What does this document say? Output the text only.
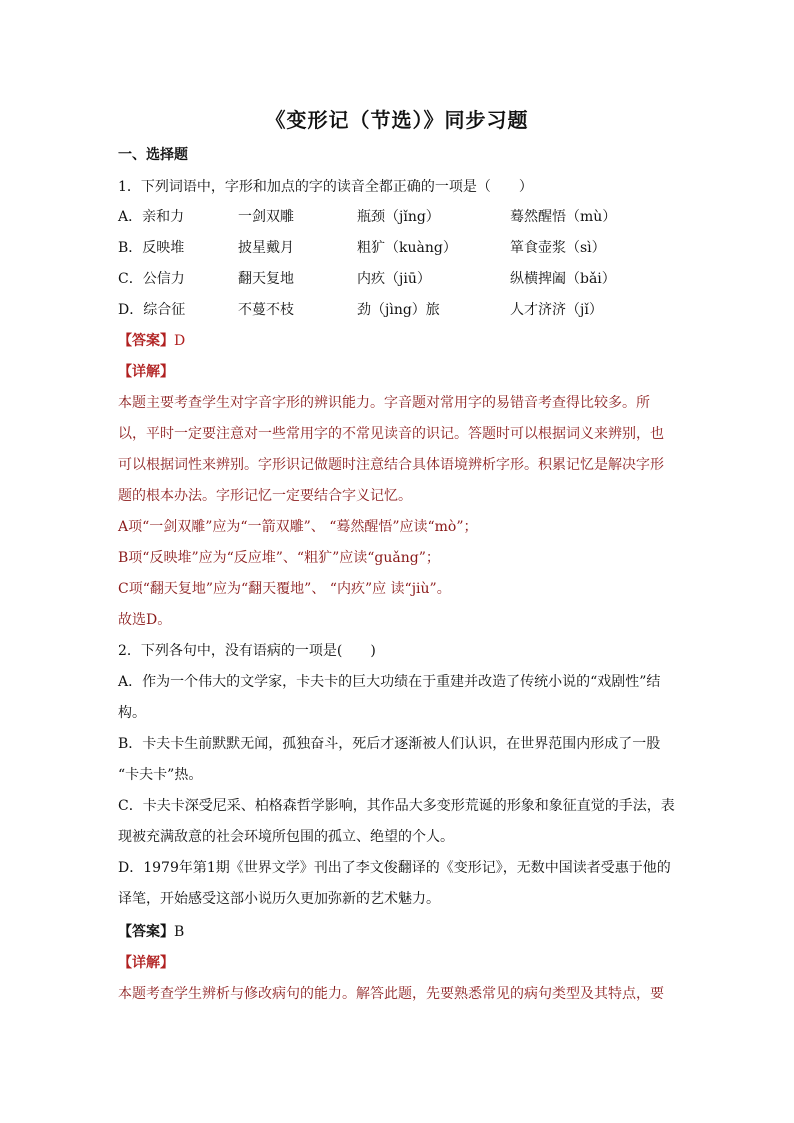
《变形记（节选）》同步习题
一、选择题
1．下列词语中，字形和加点的字的读音全都正确的一项是（　　）
A．亲和力	一剑双雕	瓶颈（jǐng）	蓦然醒悟（mù）
B．反映堆	披星戴月	粗犷（kuàng）	箪食壶浆（sì）
C．公信力	翻天复地	内疚（jiū）	纵横捭阖（bǎi）
D．综合征	不蔓不枝	劲（jìng）旅	人才济济（jǐ）
【答案】D
【详解】
本题主要考查学生对字音字形的辨识能力。字音题对常用字的易错音考查得比较多。所
以，平时一定要注意对一些常用字的不常见读音的识记。答题时可以根据词义来辨别，也
可以根据词性来辨别。字形识记做题时注意结合具体语境辨析字形。积累记忆是解决字形
题的根本办法。字形记忆一定要结合字义记忆。
A项“一剑双雕”应为“一箭双雕”、 “蓦然醒悟”应读“mò”；
B项“反映堆”应为“反应堆”、“粗犷”应读“guǎng”；
C项“翻天复地”应为“翻天覆地”、 “内疚”应 读“jiù”。
故选D。
2．下列各句中，没有语病的一项是(　　)
A．作为一个伟大的文学家，卡夫卡的巨大功绩在于重建并改造了传统小说的“戏剧性”结
构。
B．卡夫卡生前默默无闻，孤独奋斗，死后才逐渐被人们认识，在世界范围内形成了一股
“卡夫卡”热。
C．卡夫卡深受尼采、柏格森哲学影响，其作品大多变形荒诞的形象和象征直觉的手法，表
现被充满敌意的社会环境所包围的孤立、绝望的个人。
D．1979年第1期《世界文学》刊出了李文俊翻译的《变形记》，无数中国读者受惠于他的
译笔，开始感受这部小说历久更加弥新的艺术魅力。
【答案】B
【详解】
本题考查学生辨析与修改病句的能力。解答此题，先要熟悉常见的病句类型及其特点，要
